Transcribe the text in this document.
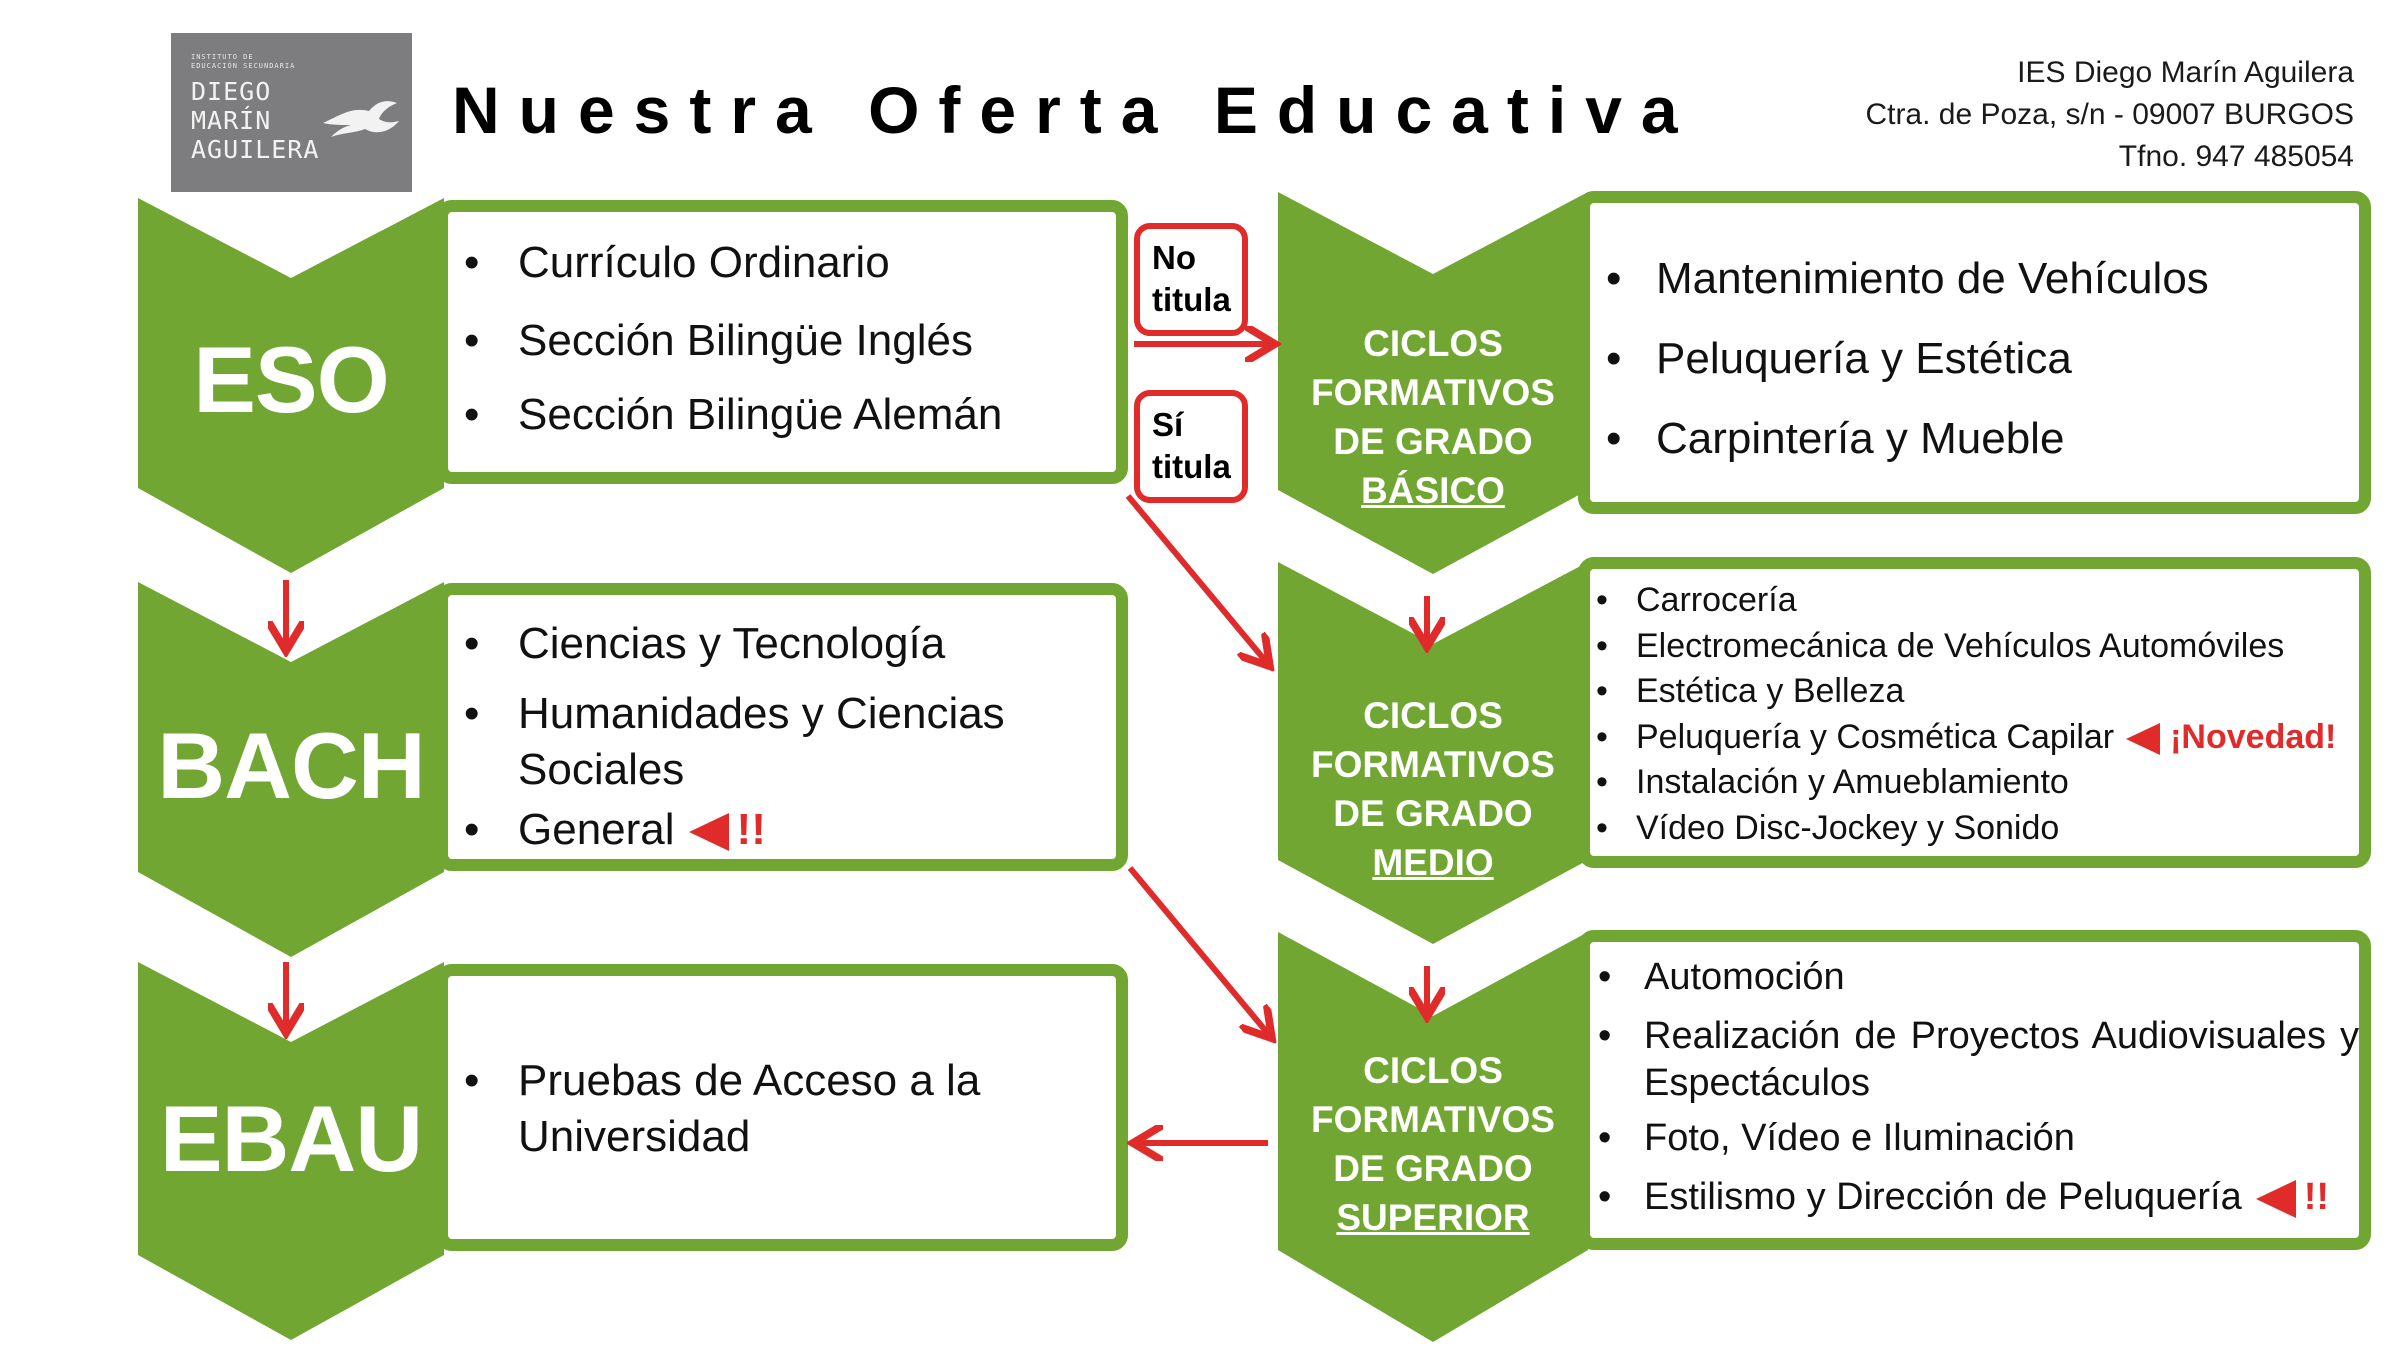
INSTITUTO DE
EDUCACIÓN SECUNDARIA
DIEGO
MARÍN
AGUILERA
Nuestra Oferta Educativa
IES Diego Marín Aguilera
Ctra. de Poza, s/n - 09007 BURGOS
Tfno. 947 485054
ESO
BACH
EBAU
CICLOS
FORMATIVOS
DE GRADO
BÁSICO
CICLOS
FORMATIVOS
DE GRADO
MEDIO
CICLOS
FORMATIVOS
DE GRADO
SUPERIOR
• Currículo Ordinario
• Sección Bilingüe Inglés
• Sección Bilingüe Alemán
• Ciencias y Tecnología
• Humanidades y Ciencias Sociales
• General !!
• Pruebas de Acceso a la Universidad
• Mantenimiento de Vehículos
• Peluquería y Estética
• Carpintería y Mueble
• Carrocería
• Electromecánica de Vehículos Automóviles
• Estética y Belleza
• Peluquería y Cosmética Capilar ¡Novedad!
• Instalación y Amueblamiento
• Vídeo Disc-Jockey y Sonido
• Automoción
• Realización de Proyectos Audiovisuales y Espectáculos
• Foto, Vídeo e Iluminación
• Estilismo y Dirección de Peluquería !!
No
titula
Sí
titula
